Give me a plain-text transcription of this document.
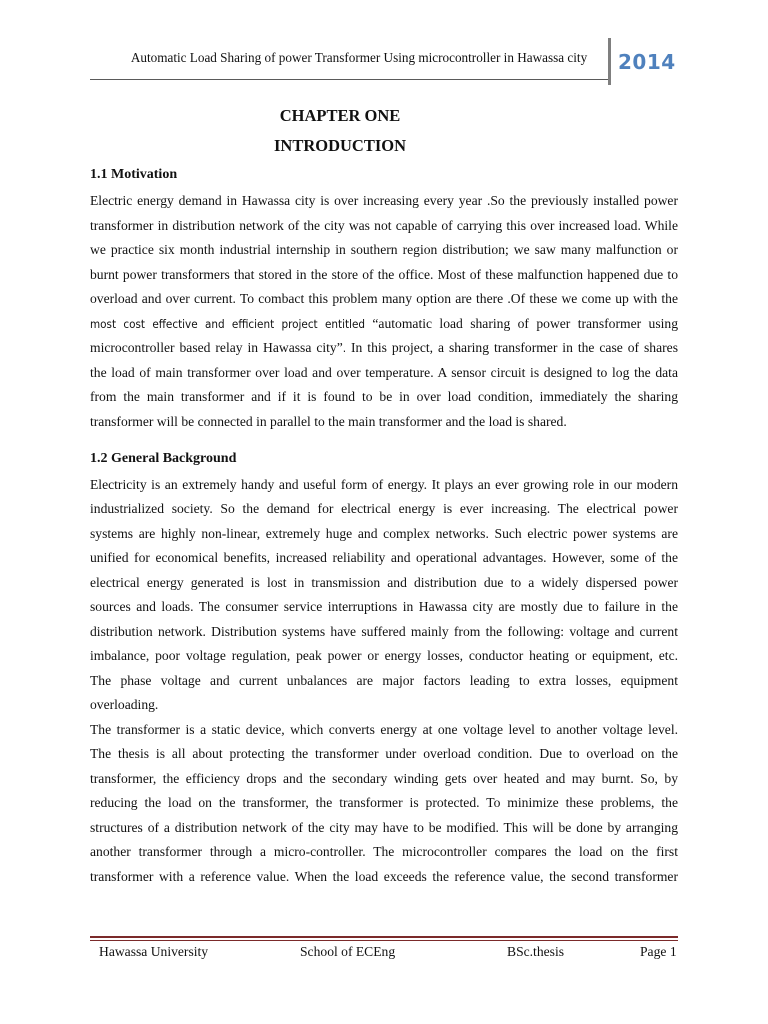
Automatic Load Sharing of power Transformer Using microcontroller in Hawassa city	2014
CHAPTER ONE
INTRODUCTION
1.1 Motivation
Electric energy demand in Hawassa city is over increasing every year .So the previously installed power
transformer in distribution network of the city was not capable of carrying this over increased load. While
we practice six month industrial internship in southern region distribution; we saw many malfunction or
burnt power transformers that stored in the store of the office. Most of these malfunction happened due to
overload and over current. To combact this problem many option are there .Of these we come up with the
most cost effective and efficient project entitled “automatic load sharing of power transformer using
microcontroller based relay in Hawassa city”. In this project, a sharing transformer in the case of shares
the load of main transformer over load and over temperature. A sensor circuit is designed to log the data
from the main transformer and if it is found to be in over load condition, immediately the sharing
transformer will be connected in parallel to the main transformer and the load is shared.
1.2 General Background
Electricity is an extremely handy and useful form of energy. It plays an ever growing role in our modern
industrialized society. So the demand for electrical energy is ever increasing. The electrical power
systems are highly non-linear, extremely huge and complex networks. Such electric power systems are
unified for economical benefits, increased reliability and operational advantages. However, some of the
electrical energy generated is lost in transmission and distribution due to a widely dispersed power
sources and loads. The consumer service interruptions in Hawassa city are mostly due to failure in the
distribution network. Distribution systems have suffered mainly from the following: voltage and current
imbalance, poor voltage regulation, peak power or energy losses, conductor heating or equipment, etc.
The phase voltage and current unbalances are major factors leading to extra losses, equipment
overloading.
The transformer is a static device, which converts energy at one voltage level to another voltage level.
The thesis is all about protecting the transformer under overload condition. Due to overload on the
transformer, the efficiency drops and the secondary winding gets over heated and may burnt. So, by
reducing the load on the transformer, the transformer is protected. To minimize these problems, the
structures of a distribution network of the city may have to be modified. This will be done by arranging
another transformer through a micro-controller. The microcontroller compares the load on the first
transformer with a reference value. When the load exceeds the reference value, the second transformer
Hawassa University	School of ECEng	BSc.thesis	Page 1
